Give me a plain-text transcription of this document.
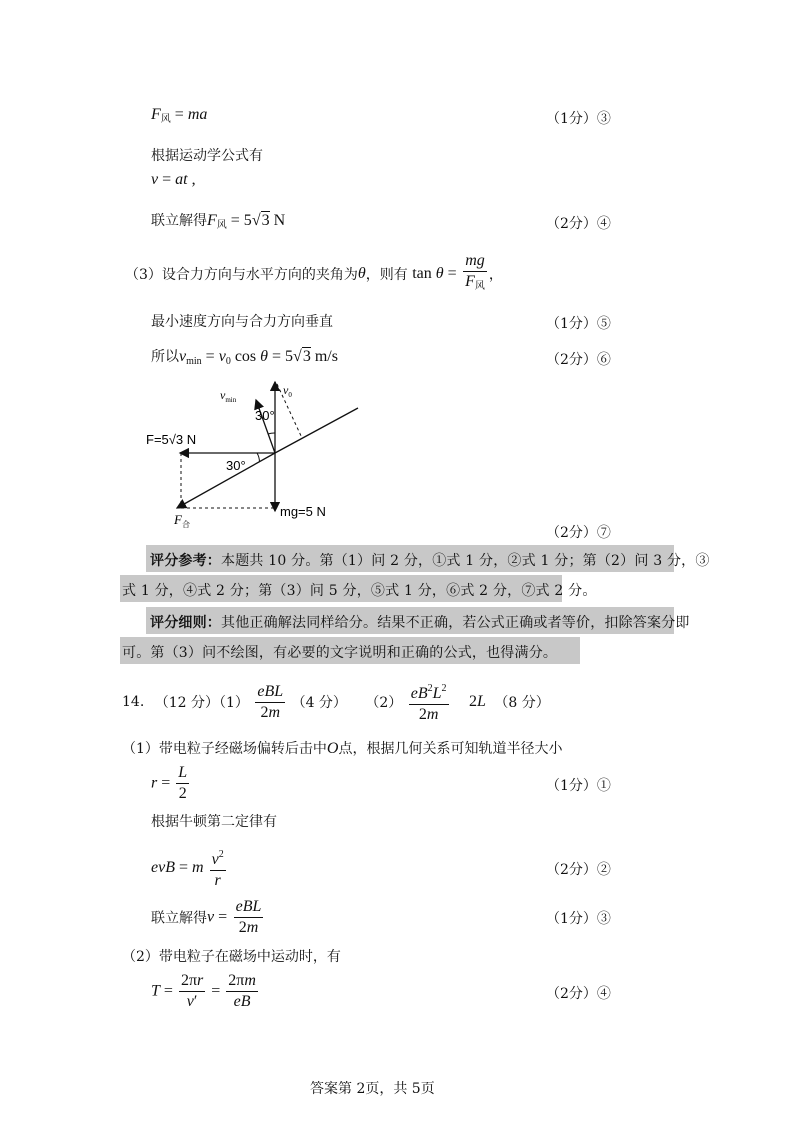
$F_风$ = ma	（1分）③
根据运动学公式有
v = at ,
联立解得$F_风 = 5√3$ N	（2分）④
（3）设合力方向与水平方向的夹角为θ，则有 $\tan \theta = \frac{mg}{F_风}$ ，
最小速度方向与合力方向垂直	（1分）⑤
所以$v_{min} = v_0$ cos θ = 5√3 m/s	（2分）⑥
$v_{min}$
$v_0$
30°
30°
F=5√3 N
mg=5 N
$F_合$
（2分）⑦
评分参考：本题共 10 分。第（1）问 2 分，①式 1 分，②式 1 分；第（2）问 3 分，③
式 1 分，④式 2 分；第（3）问 5 分，⑤式 1 分，⑥式 2 分，⑦式 2 分。
评分细则：其他正确解法同样给分。结果不正确，若公式正确或者等价，扣除答案分即
可。第（3）问不绘图，有必要的文字说明和正确的公式，也得满分。
14. （12 分）$(1) \frac{\text{eBL}}{2m} (4$ 分） $(2) \frac{eB^2L^2}{2m} 2L$ （8 分）
（1）带电粒子经磁场偏转后击中O点，根据几何关系可知轨道半径大小
$r = \frac{L}{2}$	（1分）①
根据牛顿第二定律有
evB = m $\frac{v^2}{r}$	（2分）②
联立解得$v = \frac{\text{eBL}}{2m}$	（1分）③
（2）带电粒子在磁场中运动时，有
$T = \frac{2\pi r}{v'} = \frac{2\pi m}{eB}$	（2分）④
答案第 2页，共 5页
